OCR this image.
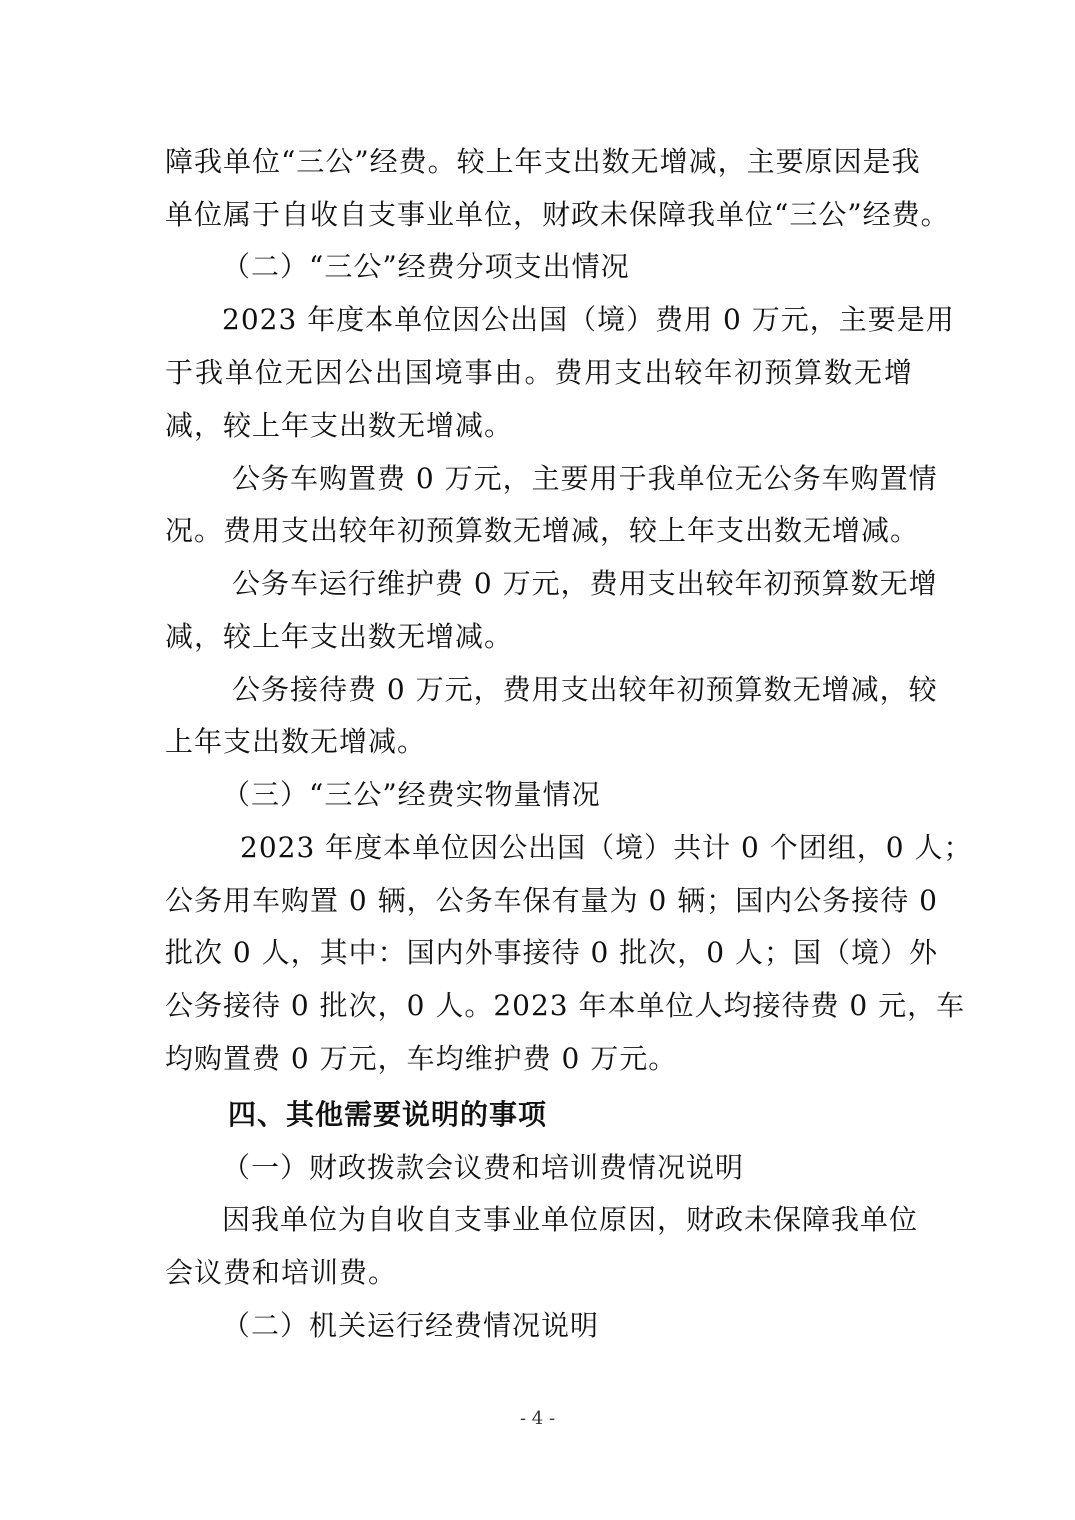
障我单位“三公”经费。较上年支出数无增减，主要原因是我
单位属于自收自支事业单位，财政未保障我单位“三公”经费。
（二）“三公”经费分项支出情况
2023 年度本单位因公出国（境）费用 0 万元，主要是用
于我单位无因公出国境事由。费用支出较年初预算数无增
减，较上年支出数无增减。
公务车购置费 0 万元，主要用于我单位无公务车购置情
况。费用支出较年初预算数无增减，较上年支出数无增减。
公务车运行维护费 0 万元，费用支出较年初预算数无增
减，较上年支出数无增减。
公务接待费 0 万元，费用支出较年初预算数无增减，较
上年支出数无增减。
（三）“三公”经费实物量情况
2023 年度本单位因公出国（境）共计 0 个团组，0 人；
公务用车购置 0 辆，公务车保有量为 0 辆；国内公务接待 0
批次 0 人，其中：国内外事接待 0 批次，0 人；国（境）外
公务接待 0 批次，0 人。2023 年本单位人均接待费 0 元，车
均购置费 0 万元，车均维护费 0 万元。
四、其他需要说明的事项
（一）财政拨款会议费和培训费情况说明
因我单位为自收自支事业单位原因，财政未保障我单位
会议费和培训费。
（二）机关运行经费情况说明
- 4 -
